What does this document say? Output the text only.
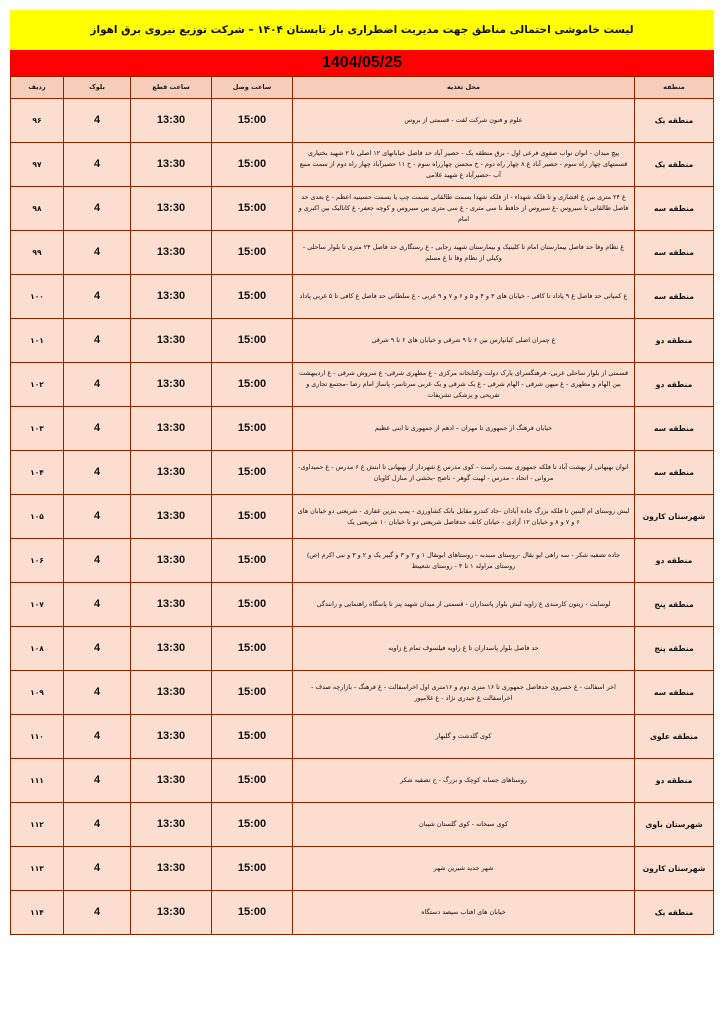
لیست خاموشی احتمالی مناطق جهت مدیریت اضطراری بار تابستان ۱۴۰۴ – شرکت توزیع نیروی برق اهواز
1404/05/25
منطقه	محل تغذیه	ساعت وصل	ساعت قطع	بلوک	ردیف
منطقه یک	علوم و فنون شرکت لفت - قسمتی از بروس	15:00	13:30	4	۹۶
منطقه یک	پیچ میدان - انوان نواب صفوی فرعی اول - برق منطقه یک - حصیر آباد حد فاصل خیابانهای ۱۲ اصلی تا ۲ شهید بختیاری قسمتهای چهار راه سوم - حصیر آباد غ ۸ چهار راه دوم - خ محسن چهارراه سوم - خ ۱۱ حصیرآباد چهار راه دوم از سمت منبع آب -حصیرآباد غ شهید غلامی	15:00	13:30	4	۹۷
منطقه سه	غ ۲۴ متری بین غ افشاری و تا فلکه شهداء - از فلکه شهدا بسمت طالقانی بسمت چپ یا بسمت حسینیه اعظم - غ بعدی حد فاصل طالقانی تا سیروس -غ سیروس از حافظ تا سی متری - غ سی متری بین سیروس و کوچه جعفر- غ کانالیک بین اکبری و امام	15:00	13:30	4	۹۸
منطقه سه	غ نظام وفا حد فاصل بیمارستان امام تا کلینیک و بیمارستان شهید رجایی - غ رستگاری حد فاصل ۲۴ متری تا بلوار ساحلی - وکیلی از نظام وفا تا غ مسلم	15:00	13:30	4	۹۹
منطقه سه	غ کمپانی حد فاصل غ ۹ پاداد تا کافی - خیابان های ۳ و ۴ و ۵ و ۶ و ۷ و ۹ غربی - غ سلطانی حد فاصل غ کافی تا ۵ غربی پاداد	15:00	13:30	4	۱۰۰
منطقه دو	غ چمران اصلی کیانپارس بین ۶ تا ۹ شرقی و خیابان های ۶ تا ۹ شرقی	15:00	13:30	4	۱۰۱
منطقه دو	قسمتی از بلوار ساحلی غربی- فرهنگسرای پارک دولت وکتابخانه مرکزی - غ مطهری شرقی- غ سروش شرقی - غ اردیبهشت بین الهام و مطهری - غ میهن شرقی - الهام شرقی - غ یک شرقی و یک غربی سرتاسر- پاساژ امام رضا -مجتمع تجاری و تفریحی و پزشکی تشریفات	15:00	13:30	4	۱۰۲
منطقه سه	خیابان فرهنگ از جمهوری تا مهران – ادهم از جمهوری تا ابنی عظیم	15:00	13:30	4	۱۰۳
منطقه سه	انوان بهبهانی از بهشت آباد تا فلکه جمهوری بست راست - کوی مدرس غ شهردار از بهبهانی تا ابنش غ ۶ مدرس - غ حمیداوی- مروانی - اتحاد - مدرس - لهبت گوهر - ناصح -بخشی از منازل کاویان	15:00	13:30	4	۱۰۴
شهرستان کارون	لبش روستای ام البنین تا فلکه بزرگ جاده آبادان -جاد کندرو مقابل بانک کشاورزی - پمپ بنزین غفاری - شریعتی دو خیابان های ۶ و ۷ و ۸ و خیابان ۱۲ آزادی - خیابان کانف حدفاصل شریعتی دو تا خیابان ۱۰ شریعتی یک	15:00	13:30	4	۱۰۵
منطقه دو	جاده تصفیه شکر - سه راهی ابو بقال -روستای سبدبه - روستاهای ابوبقال ۱ و ۲ و ۳ و گبیر یک و ۲ و ۳ و نبی اکرم (ص) روستای مراوله ۱ تا ۴ - روستای شعیبط	15:00	13:30	4	۱۰۶
منطقه پنج	لوسایت - زیتون کارمندی غ زاویه لبش بلوار پاسداران - قسمتی از میدان شهید پنر تا پاسگاه راهنمایی و رانندگی	15:00	13:30	4	۱۰۷
منطقه پنج	حد فاصل بلوار پاسداران تا غ زاویه فیلسوف تمام غ زاویه	15:00	13:30	4	۱۰۸
منطقه سه	اخر اسفالت - غ خسروی حدفاصل جمهوری تا ۱۶ متری دوم و ۱۶متری اول اخراسفالت - غ فرهنگ - بازارچه صدف - اخراسفالت غ حیدری نژاد - غ غلامپور	15:00	13:30	4	۱۰۹
منطقه علوی	کوی گلدشت و گلبهار	15:00	13:30	4	۱۱۰
منطقه دو	روستاهای جسابه کوچک و بزرگ - ج تصفیه شکر	15:00	13:30	4	۱۱۱
شهرستان باوی	کوی سبخانه - کوی گلستان شیبان	15:00	13:30	4	۱۱۲
شهرستان کارون	شهر جدید شیرین شهر	15:00	13:30	4	۱۱۳
منطقه یک	خیابان های افتاب سیصد دستگاه	15:00	13:30	4	۱۱۴
